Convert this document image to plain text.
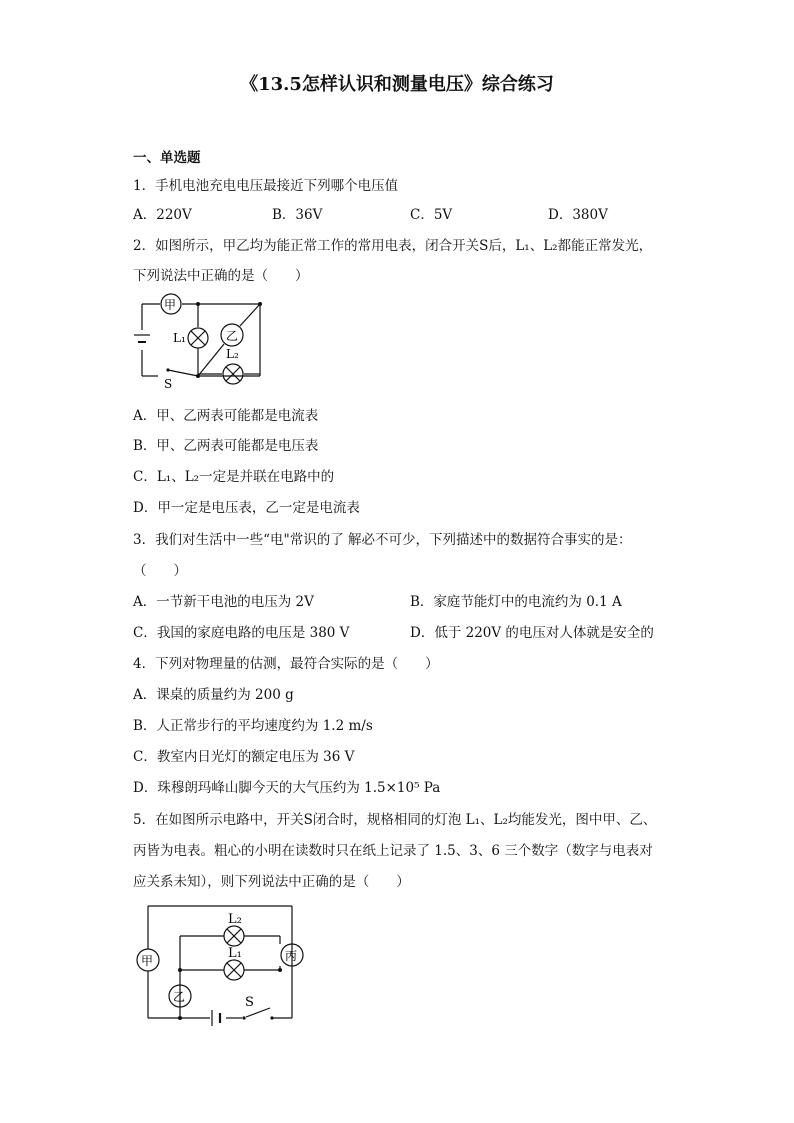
《13.5怎样认识和测量电压》综合练习
一、单选题
1．手机电池充电电压最接近下列哪个电压值
A．220V	B．36V	C．5V	D．380V
2．如图所示，甲乙均为能正常工作的常用电表，闭合开关S后，L₁、L₂都能正常发光，
下列说法中正确的是（　　）
甲
乙
L₁
L₂
S
A．甲、乙两表可能都是电流表
B．甲、乙两表可能都是电压表
C．L₁、L₂一定是并联在电路中的
D．甲一定是电压表，乙一定是电流表
3．我们对生活中一些“电"常识的了 解必不可少，下列描述中的数据符合事实的是：
（　　）
A．一节新干电池的电压为 2V	B．家庭节能灯中的电流约为 0.1 A
C．我国的家庭电路的电压是 380 V	D．低于 220V 的电压对人体就是安全的
4．下列对物理量的估测，最符合实际的是（　　）
A．课桌的质量约为 200 g
B．人正常步行的平均速度约为 1.2 m/s
C．教室内日光灯的额定电压为 36 V
D．珠穆朗玛峰山脚今天的大气压约为 1.5×10⁵ Pa
5．在如图所示电路中，开关S闭合时，规格相同的灯泡 L₁、L₂均能发光，图中甲、乙、
丙皆为电表。粗心的小明在读数时只在纸上记录了 1.5、3、6 三个数字（数字与电表对
应关系未知），则下列说法中正确的是（　　）
甲
乙
丙
L₂
L₁
S
